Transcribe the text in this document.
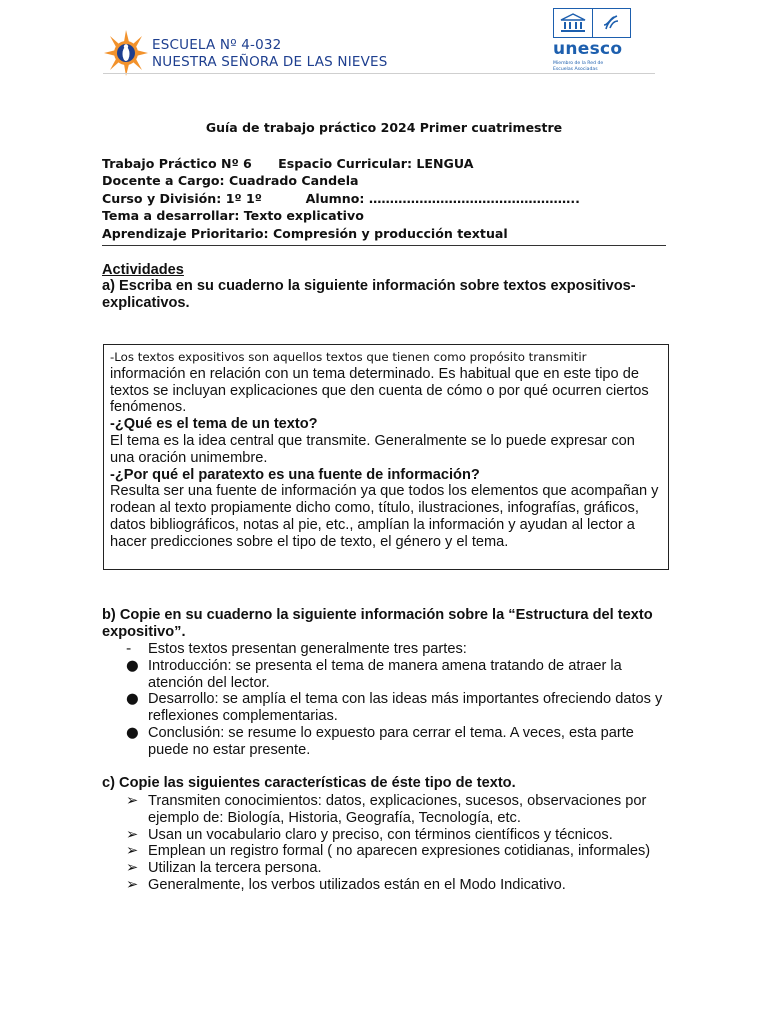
ESCUELA Nº 4-032
NUESTRA SEÑORA DE LAS NIEVES
unesco
Miembro de la Red de
Escuelas Asociadas
Guía de trabajo práctico 2024 Primer cuatrimestre
Trabajo Práctico Nº 6      Espacio Curricular: LENGUA
Docente a Cargo: Cuadrado Candela
Curso y División: 1º 1º          Alumno: …………………………………………..
Tema a desarrollar: Texto explicativo
Aprendizaje Prioritario: Compresión y producción textual
Actividades
a) Escriba en su cuaderno la siguiente información sobre textos expositivos-explicativos.

-Los textos expositivos son aquellos textos que tienen como propósito transmitir

información en relación con un tema determinado. Es habitual que en este tipo de textos se incluyan explicaciones que den cuenta de cómo o por qué ocurren ciertos fenómenos.

-¿Qué es el tema de un texto?

El tema es la idea central que transmite. Generalmente se lo puede expresar con una oración unimembre.

-¿Por qué el paratexto es una fuente de información?

Resulta ser una fuente de información ya que todos los elementos que acompañan y rodean al texto propiamente dicho como, título, ilustraciones, infografías, gráficos, datos bibliográficos, notas al pie, etc., amplían la información y ayudan al lector a hacer predicciones sobre el tipo de texto, el género y el tema.

b) Copie en su cuaderno la siguiente información sobre la “Estructura del texto expositivo”.
-	Estos textos presentan generalmente tres partes:
● Introducción: se presenta el tema de manera amena tratando de atraer la atención del lector.
● Desarrollo: se amplía el tema con las ideas más importantes ofreciendo datos y reflexiones complementarias.
● Conclusión: se resume lo expuesto para cerrar el tema. A veces, esta parte puede no estar presente.
c) Copie las siguientes características de éste tipo de texto.
➢ Transmiten conocimientos: datos, explicaciones, sucesos, observaciones por ejemplo de: Biología, Historia, Geografía, Tecnología, etc.
➢ Usan un vocabulario claro y preciso, con términos científicos y técnicos.
➢ Emplean un registro formal ( no aparecen expresiones cotidianas, informales)
➢ Utilizan la tercera persona.
➢ Generalmente, los verbos utilizados están en el Modo Indicativo.
